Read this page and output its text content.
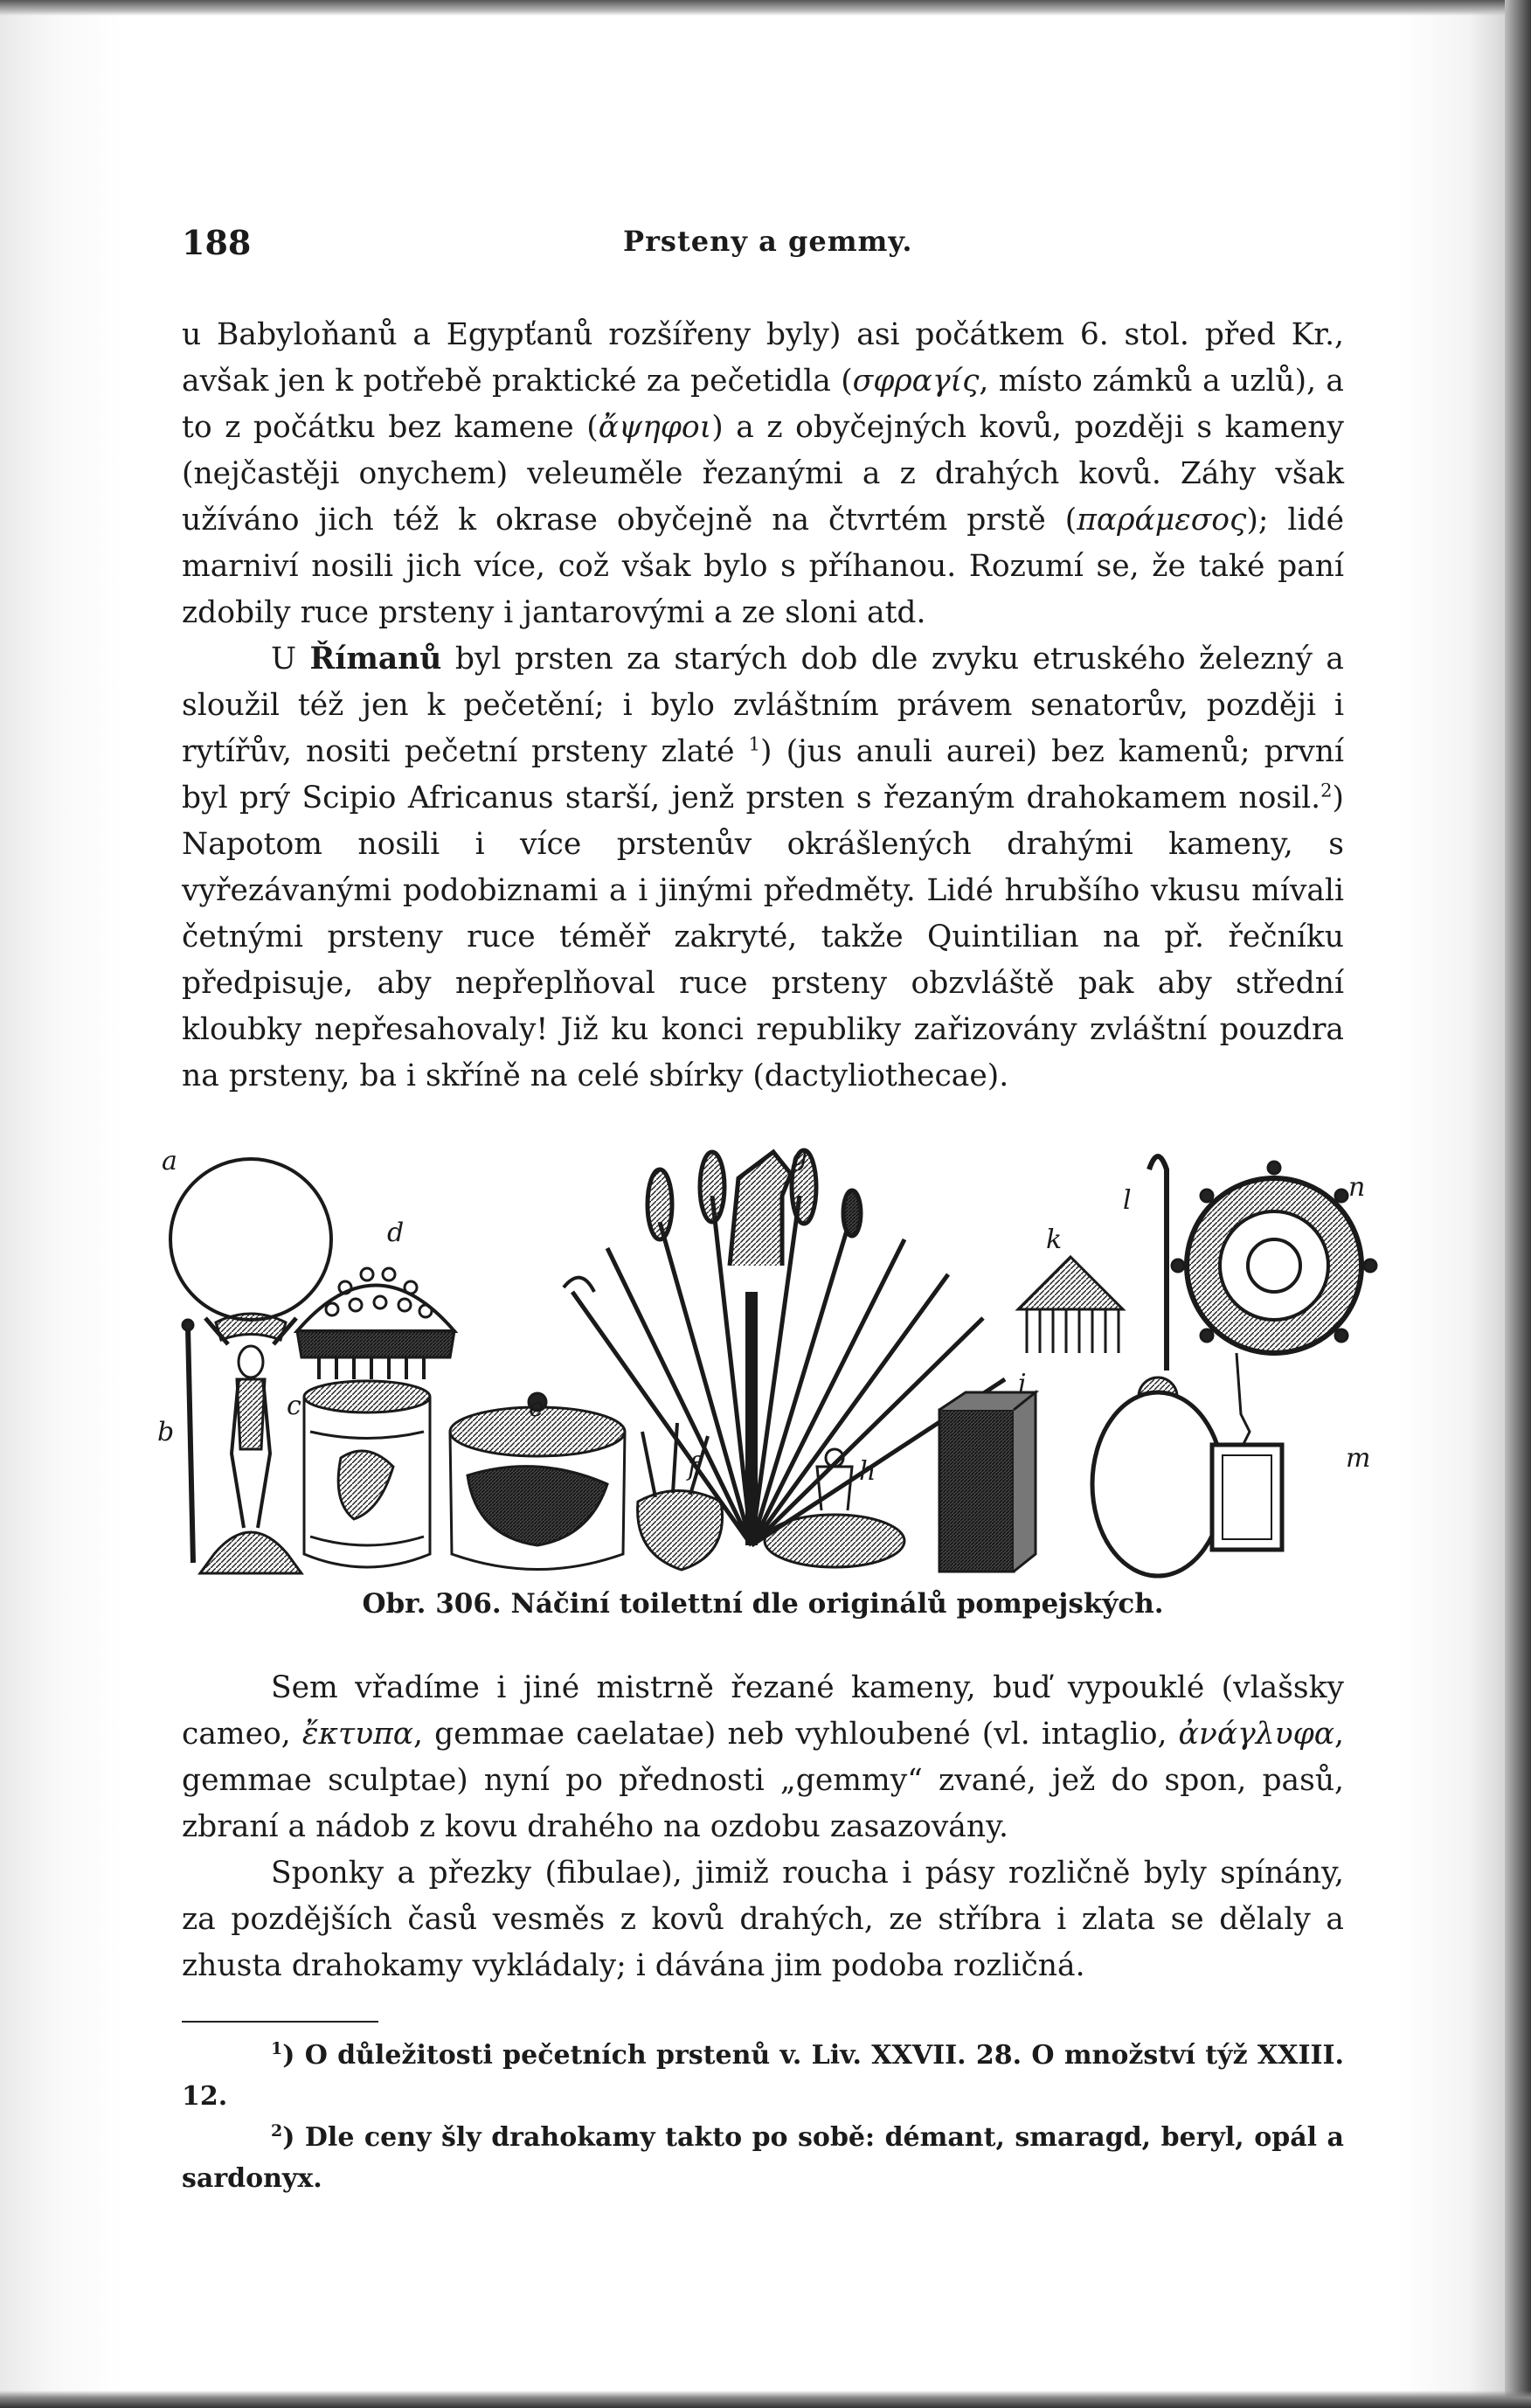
188	Prsteny a gemmy.

u Babyloňanů a Egypťanů rozšířeny byly) asi počátkem 6. stol. před Kr., avšak jen k potřebě praktické za pečetidla (σφραγίς, místo zámků a uzlů), a to z počátku bez kamene (ἄψηφοι) a z obyčejných kovů, později s kameny (nejčastěji onychem) veleuměle řezanými a z drahých kovů. Záhy však užíváno jich též k okrase obyčejně na čtvrtém prstě (παράμεσος); lidé marniví nosili jich více, což však bylo s příhanou. Rozumí se, že také paní zdobily ruce prsteny i jantarovými a ze sloni atd.

U Římanů byl prsten za starých dob dle zvyku etruského železný a sloužil též jen k pečetění; i bylo zvláštním právem senatorův, později i rytířův, nositi pečetní prsteny zlaté $^1$) (jus anuli aurei) bez kamenů; první byl prý Scipio Africanus starší, jenž prsten s řezaným drahokamem nosil.$^2$) Napotom nosili i více prstenův okrášlených drahými kameny, s vyřezávanými podobiznami a i jinými předměty. Lidé hrubšího vkusu mívali četnými prsteny ruce téměř zakryté, takže Quintilian na př. řečníku předpisuje, aby nepřeplňoval ruce prsteny obzvláště pak aby střední kloubky nepřesahovaly! Již ku konci republiky zařizovány zvláštní pouzdra na prsteny, ba i skříně na celé sbírky (dactyliothecae).

a
b
c
d
e
f
g
h
i
k
l
m
n
Obr. 306. Náčiní toilettní dle originálů pompejských.

Sem vřadíme i jiné mistrně řezané kameny, buď vypouklé (vlašsky cameo, ἔκτυπα, gemmae caelatae) neb vyhloubené (vl. intaglio, ἀνάγλυφα, gemmae sculptae) nyní po přednosti „gemmy“ zvané, jež do spon, pasů, zbraní a nádob z kovu drahého na ozdobu zasazovány.

Sponky a přezky (fibulae), jimiž roucha i pásy rozličně byly spínány, za pozdějších časů vesměs z kovů drahých, ze stříbra i zlata se dělaly a zhusta drahokamy vykládaly; i dávána jim podoba rozličná.

$^1$) O důležitosti pečetních prstenů v. Liv. XXVII. 28. O množství týž XXIII. 12.

$^2$) Dle ceny šly drahokamy takto po sobě: démant, smaragd, beryl, opál a sardonyx.
